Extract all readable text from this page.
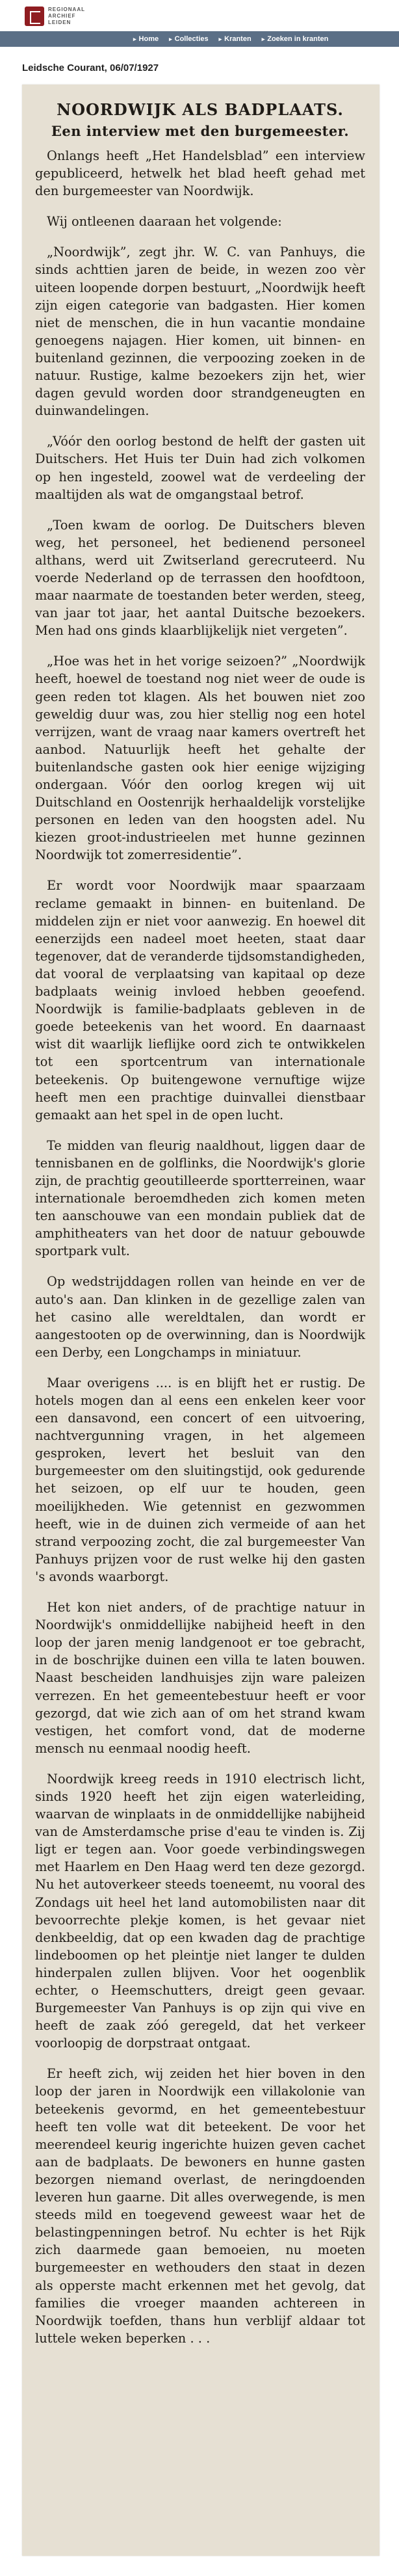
REGIONAAL
ARCHIEF
LEIDEN
▸ Home ▸ Collecties ▸ Kranten ▸ Zoeken in kranten
Leidsche Courant, 06/07/1927
NOORDWIJK ALS BADPLAATS.
Een interview met den burgemeester.

Onlangs heeft „Het Handelsblad” een interview gepubliceerd, hetwelk het blad heeft gehad met den burgemeester van Noordwijk.

Wij ontleenen daaraan het volgende:

„Noordwijk”, zegt jhr. W. C. van Panhuys, die sinds achttien jaren de beide, in wezen zoo vèr uiteen loopende dorpen bestuurt, „Noordwijk heeft zijn eigen categorie van badgasten. Hier komen niet de menschen, die in hun vacantie mondaine genoegens najagen. Hier komen, uit binnen- en buitenland gezinnen, die verpoozing zoeken in de natuur. Rustige, kalme bezoekers zijn het, wier dagen gevuld worden door strandgeneugten en duinwandelingen.

„Vóór den oorlog bestond de helft der gasten uit Duitschers. Het Huis ter Duin had zich volkomen op hen ingesteld, zoowel wat de verdeeling der maaltijden als wat de omgangstaal betrof.

„Toen kwam de oorlog. De Duitschers bleven weg, het personeel, het bedienend personeel althans, werd uit Zwitserland gerecruteerd. Nu voerde Nederland op de terrassen den hoofdtoon, maar naarmate de toestanden beter werden, steeg, van jaar tot jaar, het aantal Duitsche bezoekers. Men had ons ginds klaarblijkelijk niet vergeten”.

„Hoe was het in het vorige seizoen?” „Noordwijk heeft, hoewel de toestand nog niet weer de oude is geen reden tot klagen. Als het bouwen niet zoo geweldig duur was, zou hier stellig nog een hotel verrijzen, want de vraag naar kamers overtreft het aanbod. Natuurlijk heeft het gehalte der buitenlandsche gasten ook hier eenige wijziging ondergaan. Vóór den oorlog kregen wij uit Duitschland en Oostenrijk herhaaldelijk vorstelijke personen en leden van den hoogsten adel. Nu kiezen groot-industrieelen met hunne gezinnen Noordwijk tot zomerresidentie”.

Er wordt voor Noordwijk maar spaarzaam reclame gemaakt in binnen- en buitenland. De middelen zijn er niet voor aanwezig. En hoewel dit eenerzijds een nadeel moet heeten, staat daar tegenover, dat de veranderde tijdsomstandigheden, dat vooral de verplaatsing van kapitaal op deze badplaats weinig invloed hebben geoefend. Noordwijk is familie-badplaats gebleven in de goede beteekenis van het woord. En daarnaast wist dit waarlijk lieflijke oord zich te ontwikkelen tot een sportcentrum van internationale beteekenis. Op buitengewone vernuftige wijze heeft men een prachtige duinvallei dienstbaar gemaakt aan het spel in de open lucht.

Te midden van fleurig naaldhout, liggen daar de tennisbanen en de golflinks, die Noordwijk's glorie zijn, de prachtig geoutilleerde sportterreinen, waar internationale beroemdheden zich komen meten ten aanschouwe van een mondain publiek dat de amphitheaters van het door de natuur gebouwde sportpark vult.

Op wedstrijddagen rollen van heinde en ver de auto's aan. Dan klinken in de gezellige zalen van het casino alle wereldtalen, dan wordt er aangestooten op de overwinning, dan is Noordwijk een Derby, een Longchamps in miniatuur.

Maar overigens .... is en blijft het er rustig. De hotels mogen dan al eens een enkelen keer voor een dansavond, een concert of een uitvoering, nachtvergunning vragen, in het algemeen gesproken, levert het besluit van den burgemeester om den sluitingstijd, ook gedurende het seizoen, op elf uur te houden, geen moeilijkheden. Wie getennist en gezwommen heeft, wie in de duinen zich vermeide of aan het strand verpoozing zocht, die zal burgemeester Van Panhuys prijzen voor de rust welke hij den gasten 's avonds waarborgt.

Het kon niet anders, of de prachtige natuur in Noordwijk's onmiddellijke nabijheid heeft in den loop der jaren menig landgenoot er toe gebracht, in de boschrijke duinen een villa te laten bouwen. Naast bescheiden landhuisjes zijn ware paleizen verrezen. En het gemeentebestuur heeft er voor gezorgd, dat wie zich aan of om het strand kwam vestigen, het comfort vond, dat de moderne mensch nu eenmaal noodig heeft.

Noordwijk kreeg reeds in 1910 electrisch licht, sinds 1920 heeft het zijn eigen waterleiding, waarvan de winplaats in de onmiddellijke nabijheid van de Amsterdamsche prise d'eau te vinden is. Zij ligt er tegen aan. Voor goede verbindingswegen met Haarlem en Den Haag werd ten deze gezorgd. Nu het autoverkeer steeds toeneemt, nu vooral des Zondags uit heel het land automobilisten naar dit bevoorrechte plekje komen, is het gevaar niet denkbeeldig, dat op een kwaden dag de prachtige lindeboomen op het pleintje niet langer te dulden hinderpalen zullen blijven. Voor het oogenblik echter, o Heemschutters, dreigt geen gevaar. Burgemeester Van Panhuys is op zijn qui vive en heeft de zaak zóó geregeld, dat het verkeer voorloopig de dorpstraat ontgaat.

Er heeft zich, wij zeiden het hier boven in den loop der jaren in Noordwijk een villakolonie van beteekenis gevormd, en het gemeentebestuur heeft ten volle wat dit beteekent. De voor het meerendeel keurig ingerichte huizen geven cachet aan de badplaats. De bewoners en hunne gasten bezorgen niemand overlast, de neringdoenden leveren hun gaarne. Dit alles overwegende, is men steeds mild en toegevend geweest waar het de belastingpenningen betrof. Nu echter is het Rijk zich daarmede gaan bemoeien, nu moeten burgemeester en wethouders den staat in dezen als opperste macht erkennen met het gevolg, dat families die vroeger maanden achtereen in Noordwijk toefden, thans hun verblijf aldaar tot luttele weken beperken . . .
